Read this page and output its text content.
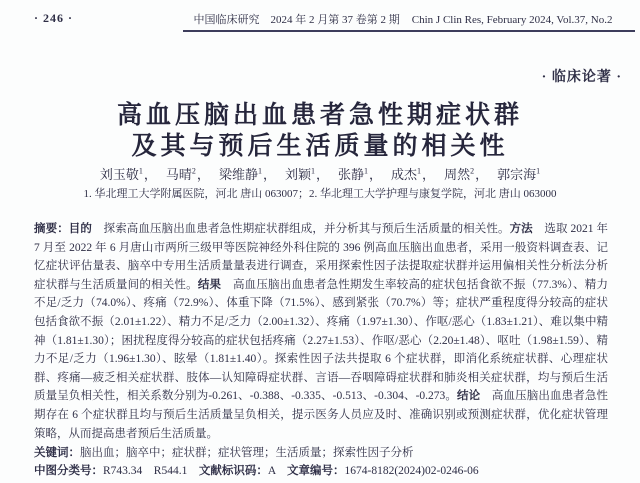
· 246 ·	中国临床研究　2024 年 2 月第 37 卷第 2 期 Chin J Clin Res, February 2024, Vol.37, No.2
· 临床论著 ·
高血压脑出血患者急性期症状群
及其与预后生活质量的相关性
刘玉敬$^1$， 马晴$^2$， 梁维静$^1$， 刘颖$^1$， 张静$^1$， 成杰$^1$， 周然$^2$， 郭宗海$^1$
1. 华北理工大学附属医院，河北 唐山 063007；2. 华北理工大学护理与康复学院，河北 唐山 063000

摘要：目的　探索高血压脑出血患者急性期症状群组成，并分析其与预后生活质量的相关性。方法　选取 2021 年 7 月至 2022 年 6 月唐山市两所三级甲等医院神经外科住院的 396 例高血压脑出血患者，采用一般资料调查表、记忆症状评估量表、脑卒中专用生活质量量表进行调查，采用探索性因子法提取症状群并运用偏相关性分析法分析症状群与生活质量间的相关性。结果　高血压脑出血患者急性期发生率较高的症状包括食欲不振（77.3%）、精力不足/乏力（74.0%）、疼痛（72.9%）、体重下降（71.5%）、感到紧张（70.7%）等；症状严重程度得分较高的症状包括食欲不振（2.01±1.22）、精力不足/乏力（2.00±1.32）、疼痛（1.97±1.30）、作呕/恶心（1.83±1.21）、难以集中精神（1.81±1.30）；困扰程度得分较高的症状包括疼痛（2.27±1.53）、作呕/恶心（2.20±1.48）、呕吐（1.98±1.59）、精力不足/乏力（1.96±1.30）、眩晕（1.81±1.40）。探索性因子法共提取 6 个症状群，即消化系统症状群、心理症状群、疼痛—疲乏相关症状群、肢体—认知障碍症状群、言语—吞咽障碍症状群和肺炎相关症状群，均与预后生活质量呈负相关性，相关系数分别为-0.261、-0.388、-0.335、-0.513、-0.304、-0.273。结论　高血压脑出血患者急性期存在 6 个症状群且均与预后生活质量呈负相关，提示医务人员应及时、准确识别或预测症状群，优化症状管理策略，从而提高患者预后生活质量。

关键词：脑出血；脑卒中；症状群；症状管理；生活质量；探索性因子分析
中图分类号：R743.34　R544.1　文献标识码：A　文章编号：1674-8182(2024)02-0246-06
